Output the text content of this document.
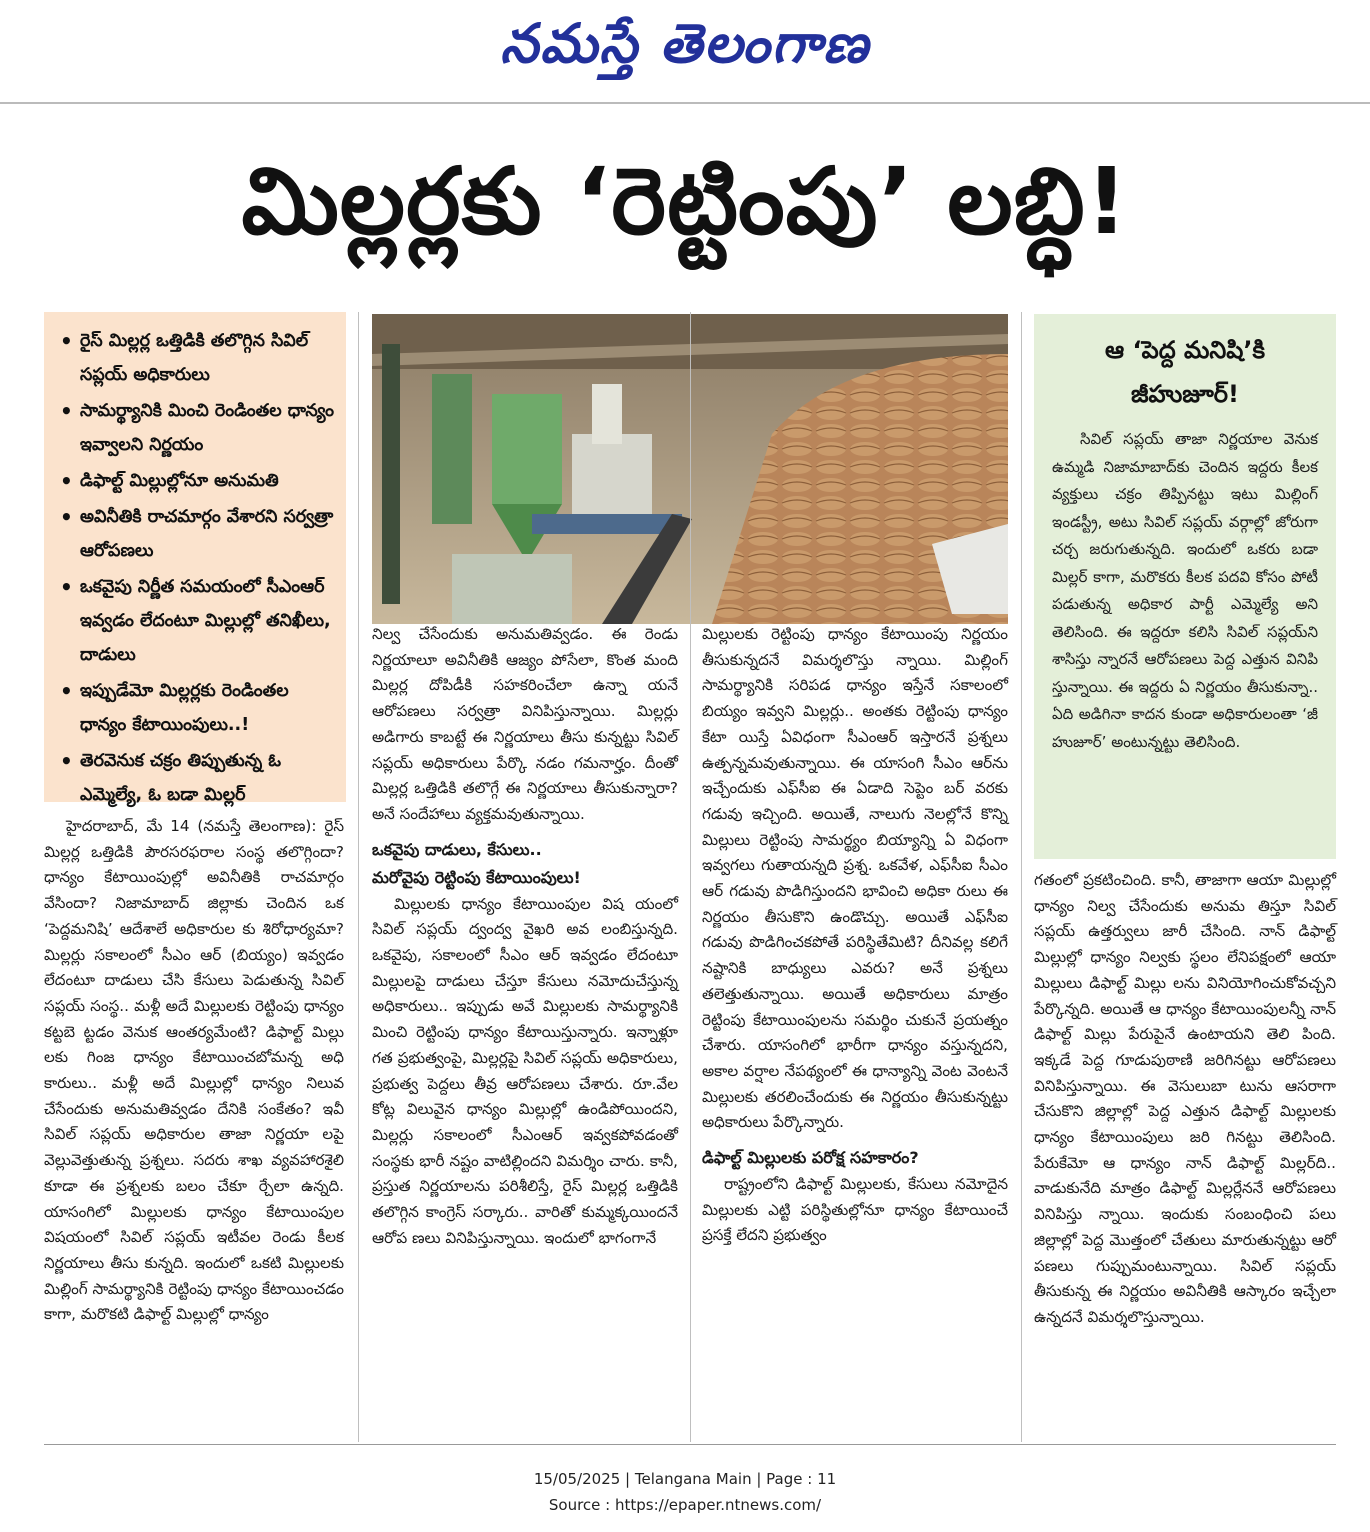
నమస్తే తెలంగాణ
మిల్లర్లకు ‘రెట్టింపు’ లబ్ధి!
• రైస్‌ మిల్లర్ల ఒత్తిడికి తలొగ్గిన సివిల్‌ సప్లయ్‌ అధికారులు
• సామర్థ్యానికి మించి రెండింతల ధాన్యం ఇవ్వాలని నిర్ణయం
• డిఫాల్ట్‌ మిల్లుల్లోనూ అనుమతి
• అవినీతికి రాచమార్గం వేశారని సర్వత్రా ఆరోపణలు
• ఒకవైపు నిర్ణీత సమయంలో సీఎంఆర్‌ ఇవ్వడం లేదంటూ మిల్లుల్లో తనిఖీలు, దాడులు
• ఇప్పుడేమో మిల్లర్లకు రెండింతల ధాన్యం కేటాయింపులు..!
• తెరవెనుక చక్రం తిప్పుతున్న ఓ ఎమ్మెల్యే, ఓ బడా మిల్లర్‌
ఆ ‘పెద్ద మనిషి’కి
జీహుజూర్‌!
సివిల్‌ సప్లయ్‌ తాజా నిర్ణయాల వెనుక ఉమ్మడి నిజామాబాద్‌కు చెందిన ఇద్దరు కీలక వ్యక్తులు చక్రం తిప్పినట్టు ఇటు మిల్లింగ్‌ ఇండస్ట్రీ, అటు సివిల్‌ సప్లయ్‌ వర్గాల్లో జోరుగా చర్చ జరుగుతున్నది. ఇందులో ఒకరు బడా మిల్లర్‌ కాగా, మరొకరు కీలక పదవి కోసం పోటీ పడుతున్న అధికార పార్టీ ఎమ్మెల్యే అని తెలిసింది. ఈ ఇద్దరూ కలిసి సివిల్‌ సప్లయ్‌ని శాసిస్తు న్నారనే ఆరోపణలు పెద్ద ఎత్తున వినిపి స్తున్నాయి. ఈ ఇద్దరు ఏ నిర్ణయం తీసుకున్నా.. ఏది అడిగినా కాదన కుండా అధికారులంతా ‘జీ హుజూర్‌’ అంటున్నట్టు తెలిసింది.

హైదరాబాద్‌, మే 14 (నమస్తే తెలంగాణ): రైస్‌ మిల్లర్ల ఒత్తిడికి పౌరసరఫరాల సంస్థ తలొగ్గిందా? ధాన్యం కేటాయింపుల్లో అవినీతికి రాచమార్గం వేసిందా? నిజామాబాద్‌ జిల్లాకు చెందిన ఒక ‘పెద్దమనిషి’ ఆదేశాలే అధికారుల కు శిరోధార్యమా? మిల్లర్లు సకాలంలో సీఎం ఆర్‌ (బియ్యం) ఇవ్వడం లేదంటూ దాడులు చేసి కేసులు పెడుతున్న సివిల్‌ సప్లయ్‌ సంస్థ.. మళ్లీ అదే మిల్లులకు రెట్టింపు ధాన్యం కట్టబె ట్టడం వెనుక ఆంతర్యమేంటి? డిఫాల్ట్‌ మిల్లు లకు గింజ ధాన్యం కేటాయించబోమన్న అధి కారులు.. మళ్లీ అదే మిల్లుల్లో ధాన్యం నిలువ చేసేందుకు అనుమతివ్వడం దేనికి సంకేతం? ఇవీ సివిల్‌ సప్లయ్‌ అధికారుల తాజా నిర్ణయా లపై వెల్లువెత్తుతున్న ప్రశ్నలు. సదరు శాఖ వ్యవహారశైలి కూడా ఈ ప్రశ్నలకు బలం చేకూ ర్చేలా ఉన్నది. యాసంగిలో మిల్లులకు ధాన్యం కేటాయింపుల విషయంలో సివిల్‌ సప్లయ్‌ ఇటీవల రెండు కీలక నిర్ణయాలు తీసు కున్నది. ఇందులో ఒకటి మిల్లులకు మిల్లింగ్‌ సామర్థ్యానికి రెట్టింపు ధాన్యం కేటాయించడం కాగా, మరొకటి డిఫాల్ట్‌ మిల్లుల్లో ధాన్యం

నిల్వ చేసేందుకు అనుమతివ్వడం. ఈ రెండు నిర్ణయాలూ అవినీతికి ఆజ్యం పోసేలా, కొంత మంది మిల్లర్ల దోపిడీకి సహకరించేలా ఉన్నా యనే ఆరోపణలు సర్వత్రా వినిపిస్తున్నాయి. మిల్లర్లు అడిగారు కాబట్టే ఈ నిర్ణయాలు తీసు కున్నట్టు సివిల్‌ సప్లయ్‌ అధికారులు పేర్కొ నడం గమనార్హం. దీంతో మిల్లర్ల ఒత్తిడికి తలొగ్గే ఈ నిర్ణయాలు తీసుకున్నారా? అనే సందేహాలు వ్యక్తమవుతున్నాయి.

ఒకవైపు దాడులు, కేసులు..
మరోవైపు రెట్టింపు కేటాయింపులు!

మిల్లులకు ధాన్యం కేటాయింపుల విష యంలో సివిల్‌ సప్లయ్‌ ద్వంద్వ వైఖరి అవ లంబిస్తున్నది. ఒకవైపు, సకాలంలో సీఎం ఆర్‌ ఇవ్వడం లేదంటూ మిల్లులపై దాడులు చేస్తూ కేసులు నమోదుచేస్తున్న అధికారులు.. ఇప్పుడు అవే మిల్లులకు సామర్థ్యానికి మించి రెట్టింపు ధాన్యం కేటాయిస్తున్నారు. ఇన్నాళ్లూ గత ప్రభుత్వంపై, మిల్లర్లపై సివిల్‌ సప్లయ్‌ అధికారులు, ప్రభుత్వ పెద్దలు తీవ్ర ఆరోపణలు చేశారు. రూ.వేల కోట్ల విలువైన ధాన్యం మిల్లుల్లో ఉండిపోయిందని, మిల్లర్లు సకాలంలో సీఎంఆర్‌ ఇవ్వకపోవడంతో సంస్థకు భారీ నష్టం వాటిల్లిందని విమర్శిం చారు. కానీ, ప్రస్తుత నిర్ణయాలను పరిశీలిస్తే, రైస్‌ మిల్లర్ల ఒత్తిడికి తలొగ్గిన కాంగ్రెస్‌ సర్కారు.. వారితో కుమ్మక్కయిందనే ఆరోప ణలు వినిపిస్తున్నాయి. ఇందులో భాగంగానే

మిల్లులకు రెట్టింపు ధాన్యం కేటాయింపు నిర్ణయం తీసుకున్నదనే విమర్శలొస్తు న్నాయి. మిల్లింగ్‌ సామర్థ్యానికి సరిపడ ధాన్యం ఇస్తేనే సకాలంలో బియ్యం ఇవ్వని మిల్లర్లు.. అంతకు రెట్టింపు ధాన్యం కేటా యిస్తే ఏవిధంగా సీఎంఆర్‌ ఇస్తారనే ప్రశ్నలు ఉత్పన్నమవుతున్నాయి. ఈ యాసంగి సీఎం ఆర్‌ను ఇచ్చేందుకు ఎఫ్‌సీఐ ఈ ఏడాది సెప్టెం బర్‌ వరకు గడువు ఇచ్చింది. అయితే, నాలుగు నెలల్లోనే కొన్ని మిల్లులు రెట్టింపు సామర్థ్యం బియ్యాన్ని ఏ విధంగా ఇవ్వగలు గుతాయన్నది ప్రశ్న. ఒకవేళ, ఎఫ్‌సీఐ సీఎం ఆర్‌ గడువు పొడిగిస్తుందని భావించి అధికా రులు ఈ నిర్ణయం తీసుకొని ఉండొచ్చు. అయితే ఎఫ్‌సీఐ గడువు పొడిగించకపోతే పరిస్థితేమిటి? దీనివల్ల కలిగే నష్టానికి బాధ్యులు ఎవరు? అనే ప్రశ్నలు తలెత్తుతున్నాయి. అయితే అధికారులు మాత్రం రెట్టింపు కేటాయింపులను సమర్థిం చుకునే ప్రయత్నం చేశారు. యాసంగిలో భారీగా ధాన్యం వస్తున్నదని, అకాల వర్షాల నేపథ్యంలో ఈ ధాన్యాన్ని వెంట వెంటనే మిల్లులకు తరలించేందుకు ఈ నిర్ణయం తీసుకున్నట్టు అధికారులు పేర్కొన్నారు.

డిఫాల్ట్‌ మిల్లులకు పరోక్ష సహకారం?

రాష్ట్రంలోని డిఫాల్ట్‌ మిల్లులకు, కేసులు నమోదైన మిల్లులకు ఎట్టి పరిస్థితుల్లోనూ ధాన్యం కేటాయించే ప్రసక్తే లేదని ప్రభుత్వం

గతంలో ప్రకటించింది. కానీ, తాజాగా ఆయా మిల్లుల్లో ధాన్యం నిల్వ చేసేందుకు అనుమ తిస్తూ సివిల్‌ సప్లయ్‌ ఉత్తర్వులు జారీ చేసింది. నాన్‌ డిఫాల్ట్‌ మిల్లుల్లో ధాన్యం నిల్వకు స్థలం లేనిపక్షంలో ఆయా మిల్లులు డిఫాల్ట్‌ మిల్లు లను వినియోగించుకోవచ్చని పేర్కొన్నది. అయితే ఆ ధాన్యం కేటాయింపులన్నీ నాన్‌ డిఫాల్ట్‌ మిల్లు పేరుపైనే ఉంటాయని తెలి పింది. ఇక్కడే పెద్ద గూడుపుఠాణి జరిగినట్టు ఆరోపణలు వినిపిస్తున్నాయి. ఈ వెసులుబా టును ఆసరాగా చేసుకొని జిల్లాల్లో పెద్ద ఎత్తున డిఫాల్ట్‌ మిల్లులకు ధాన్యం కేటాయింపులు జరి గినట్టు తెలిసింది. పేరుకేమో ఆ ధాన్యం నాన్‌ డిఫాల్ట్‌ మిల్లర్‌ది.. వాడుకునేది మాత్రం డిఫాల్ట్‌ మిల్లర్లేననే ఆరోపణలు వినిపిస్తు న్నాయి. ఇందుకు సంబంధించి పలు జిల్లాల్లో పెద్ద మొత్తంలో చేతులు మారుతున్నట్టు ఆరో పణలు గుప్పుమంటున్నాయి. సివిల్‌ సప్లయ్‌ తీసుకున్న ఈ నిర్ణయం అవినీతికి ఆస్కారం ఇచ్చేలా ఉన్నదనే విమర్శలొస్తున్నాయి.

15/05/2025 | Telangana Main | Page : 11
Source : https://epaper.ntnews.com/
